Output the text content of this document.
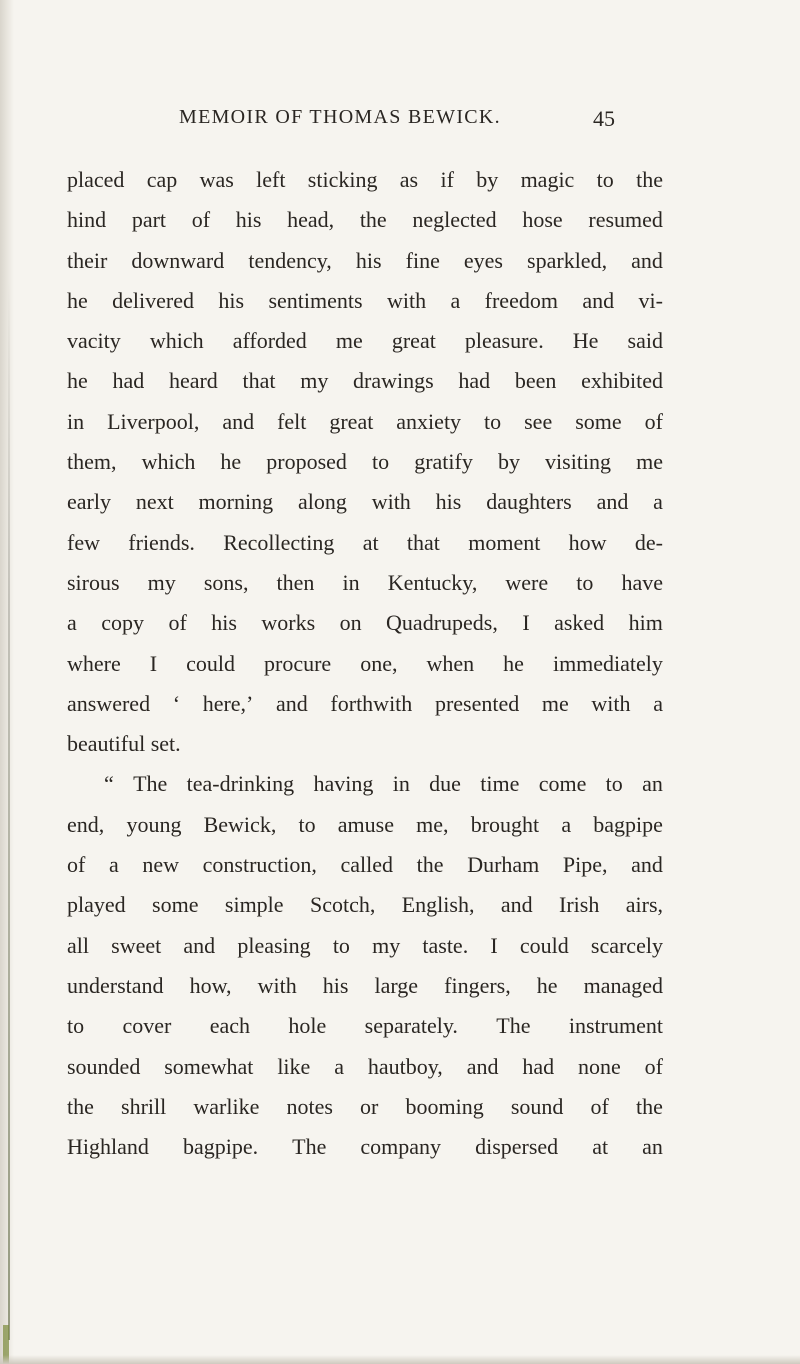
MEMOIR OF THOMAS BEWICK.	45
placed cap was left sticking as if by magic to the
hind part of his head, the neglected hose resumed
their downward tendency, his fine eyes sparkled, and
he delivered his sentiments with a freedom and vi-
vacity which afforded me great pleasure. He said
he had heard that my drawings had been exhibited
in Liverpool, and felt great anxiety to see some of
them, which he proposed to gratify by visiting me
early next morning along with his daughters and a
few friends. Recollecting at that moment how de-
sirous my sons, then in Kentucky, were to have
a copy of his works on Quadrupeds, I asked him
where I could procure one, when he immediately
answered ‘ here,’ and forthwith presented me with a
beautiful
set.
“ The tea-drinking having in due time come to an
end, young Bewick, to amuse me, brought a bagpipe
of a new construction, called the Durham Pipe, and
played some simple Scotch, English, and Irish airs,
all sweet and pleasing to my taste. I could scarcely
understand how, with his large fingers, he managed
to cover each hole separately. The instrument
sounded somewhat like a hautboy, and had none of
the shrill warlike notes or booming sound of the
Highland bagpipe. The company dispersed at an
